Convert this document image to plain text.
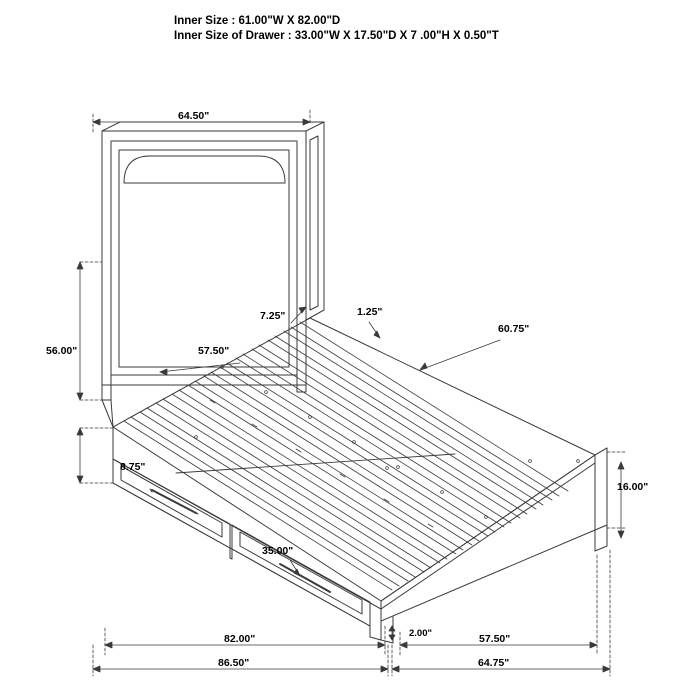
Inner Size : 61.00"W X 82.00"D
Inner Size of Drawer : 33.00"W X 17.50"D X 7 .00"H X 0.50"T
64.50"
56.00"	57.50"
7.25"	1.25"
60.75"
8.75"
16.00"
35.00"
82.00"	2.00"	57.50"
86.50"	64.75"
